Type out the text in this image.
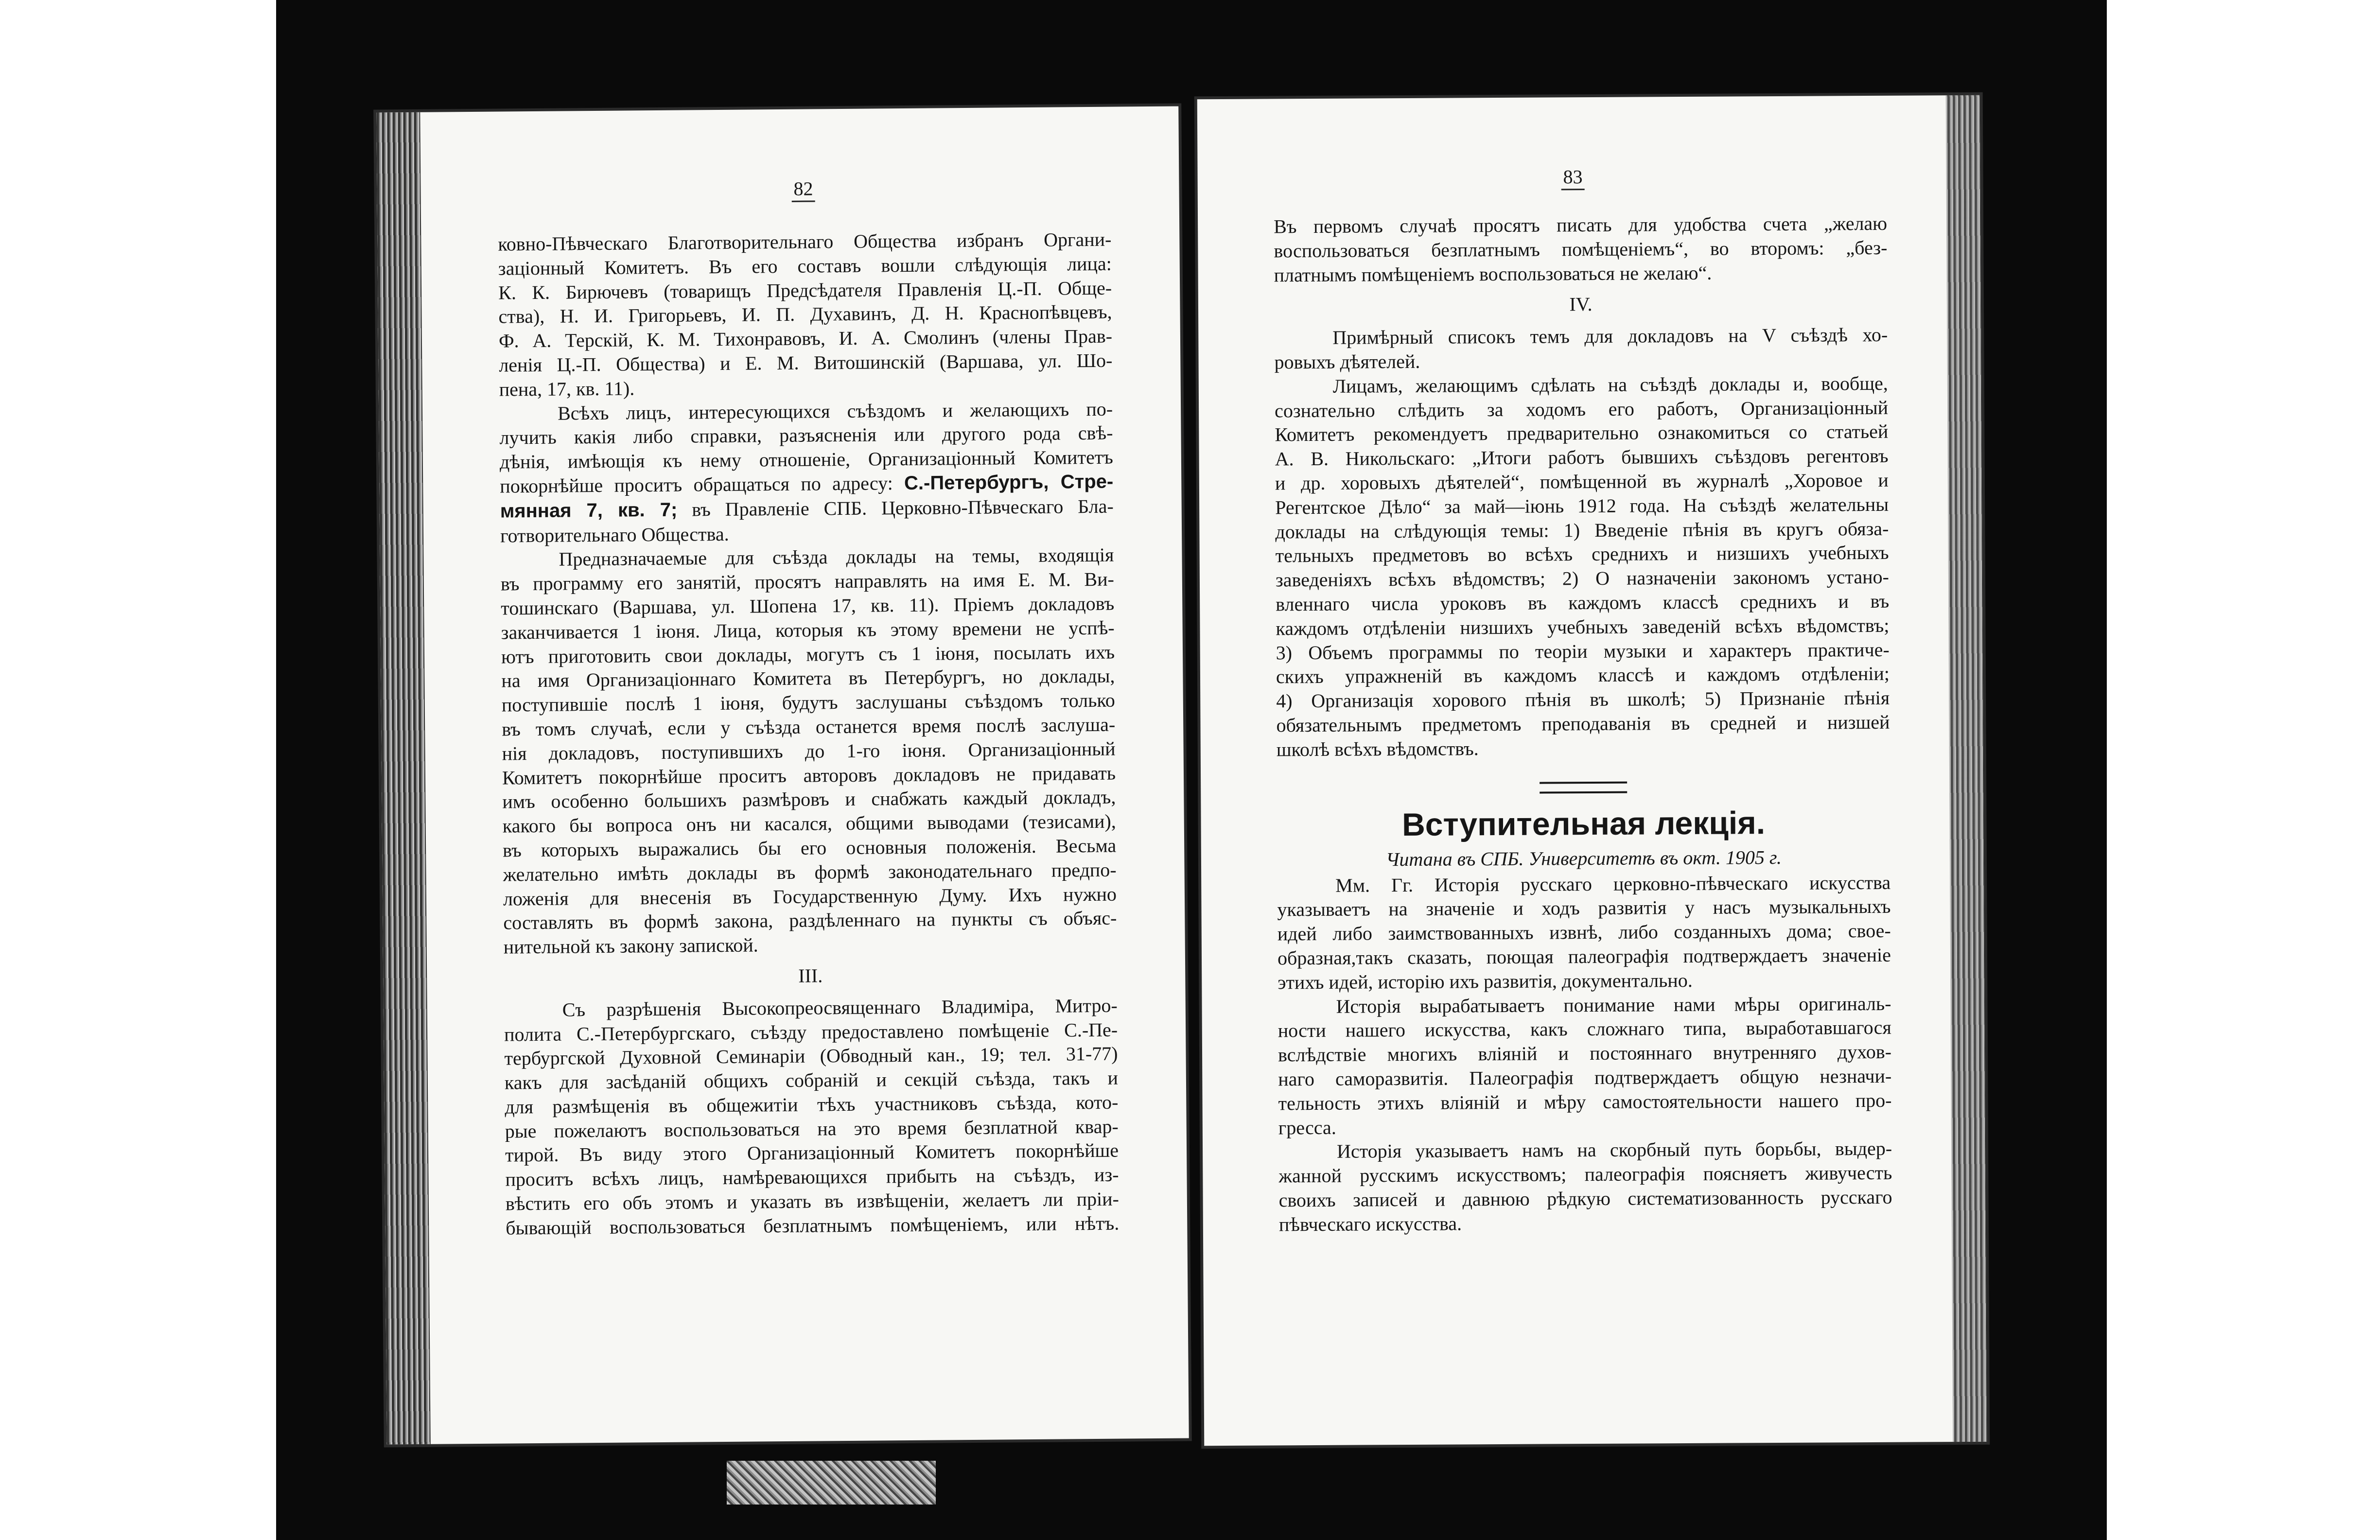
82
ковно-Пѣвческаго Благотворительнаго Общества избранъ Органи-
заціонный Комитетъ. Въ его составъ вошли слѣдующія лица:
К. К. Бирючевъ (товарищъ Предсѣдателя Правленія Ц.-П. Обще-
ства), Н. И. Григорьевъ, И. П. Духавинъ, Д. Н. Краснопѣвцевъ,
Ф. А. Терскій, К. М. Тихонравовъ, И. А. Смолинъ (члены Прав-
ленія Ц.-П. Общества) и Е. М. Витошинскій (Варшава, ул. Шо-
пена, 17, кв. 11).
Всѣхъ лицъ, интересующихся съѣздомъ и желающихъ по-
лучить какія либо справки, разъясненія или другого рода свѣ-
дѣнія, имѣющія къ нему отношеніе, Организаціонный Комитетъ
покорнѣйше проситъ обращаться по адресу: С.-Петербургъ, Стре-
мянная 7, кв. 7; въ Правленіе СПБ. Церковно-Пѣвческаго Бла-
готворительнаго Общества.
Предназначаемые для съѣзда доклады на темы, входящія
въ программу его занятій, просятъ направлять на имя Е. М. Ви-
тошинскаго (Варшава, ул. Шопена 17, кв. 11). Пріемъ докладовъ
заканчивается 1 іюня. Лица, которыя къ этому времени не успѣ-
ютъ приготовить свои доклады, могутъ съ 1 іюня, посылать ихъ
на имя Организаціоннаго Комитета въ Петербургъ, но доклады,
поступившіе послѣ 1 іюня, будутъ заслушаны съѣздомъ только
въ томъ случаѣ, если у съѣзда останется время послѣ заслуша-
нія докладовъ, поступившихъ до 1-го іюня. Организаціонный
Комитетъ покорнѣйше проситъ авторовъ докладовъ не придавать
имъ особенно большихъ размѣровъ и снабжать каждый докладъ,
какого бы вопроса онъ ни касался, общими выводами (тезисами),
въ которыхъ выражались бы его основныя положенія. Весьма
желательно имѣть доклады въ формѣ законодательнаго предпо-
ложенія для внесенія въ Государственную Думу. Ихъ нужно
составлять въ формѣ закона, раздѣленнаго на пункты съ объяс-
нительной къ закону запиской.
III.
Съ разрѣшенія Высокопреосвященнаго Владиміра, Митро-
полита С.-Петербургскаго, съѣзду предоставлено помѣщеніе С.-Пе-
тербургской Духовной Семинаріи (Обводный кан., 19; тел. 31-77)
какъ для засѣданій общихъ собраній и секцій съѣзда, такъ и
для размѣщенія въ общежитіи тѣхъ участниковъ съѣзда, кото-
рые пожелаютъ воспользоваться на это время безплатной квар-
тирой. Въ виду этого Организаціонный Комитетъ покорнѣйше
проситъ всѣхъ лицъ, намѣревающихся прибыть на съѣздъ, из-
вѣстить его объ этомъ и указать въ извѣщеніи, желаетъ ли пріи-
бывающій воспользоваться безплатнымъ помѣщеніемъ, или нѣтъ.
83
Въ первомъ случаѣ просятъ писать для удобства счета „желаю
воспользоваться безплатнымъ помѣщеніемъ“, во второмъ: „без-
платнымъ помѣщеніемъ воспользоваться не желаю“.
IV.
Примѣрный списокъ темъ для докладовъ на V съѣздѣ хо-
ровыхъ дѣятелей.
Лицамъ, желающимъ сдѣлать на съѣздѣ доклады и, вообще,
сознательно слѣдить за ходомъ его работъ, Организаціонный
Комитетъ рекомендуетъ предварительно ознакомиться со статьей
А. В. Никольскаго: „Итоги работъ бывшихъ съѣздовъ регентовъ
и др. хоровыхъ дѣятелей“, помѣщенной въ журналѣ „Хоровое и
Регентское Дѣло“ за май—іюнь 1912 года. На съѣздѣ желательны
доклады на слѣдующія темы: 1) Введеніе пѣнія въ кругъ обяза-
тельныхъ предметовъ во всѣхъ среднихъ и низшихъ учебныхъ
заведеніяхъ всѣхъ вѣдомствъ; 2) О назначеніи закономъ устано-
вленнаго числа уроковъ въ каждомъ классѣ среднихъ и въ
каждомъ отдѣленіи низшихъ учебныхъ заведеній всѣхъ вѣдомствъ;
3) Объемъ программы по теоріи музыки и характеръ практиче-
скихъ упражненій въ каждомъ классѣ и каждомъ отдѣленіи;
4) Организація хорового пѣнія въ школѣ; 5) Признаніе пѣнія
обязательнымъ предметомъ преподаванія въ средней и низшей
школѣ всѣхъ вѣдомствъ.
Вступительная лекція.
Читана въ СПБ. Университетѣ въ окт. 1905 г.
Мм. Гг. Исторія русскаго церковно-пѣвческаго искусства
указываетъ на значеніе и ходъ развитія у насъ музыкальныхъ
идей либо заимствованныхъ извнѣ, либо созданныхъ дома; свое-
образная,такъ сказать, поющая палеографія подтверждаетъ значеніе
этихъ идей, исторію ихъ развитія, документально.
Исторія вырабатываетъ понимание нами мѣры оригиналь-
ности нашего искусства, какъ сложнаго типа, выработавшагося
вслѣдствіе многихъ вліяній и постояннаго внутренняго духов-
наго саморазвитія. Палеографія подтверждаетъ общую незначи-
тельность этихъ вліяній и мѣру самостоятельности нашего про-
гресса.
Исторія указываетъ намъ на скорбный путь борьбы, выдер-
жанной русскимъ искусствомъ; палеографія поясняетъ живучесть
своихъ записей и давнюю рѣдкую систематизованность русскаго
пѣвческаго искусства.
